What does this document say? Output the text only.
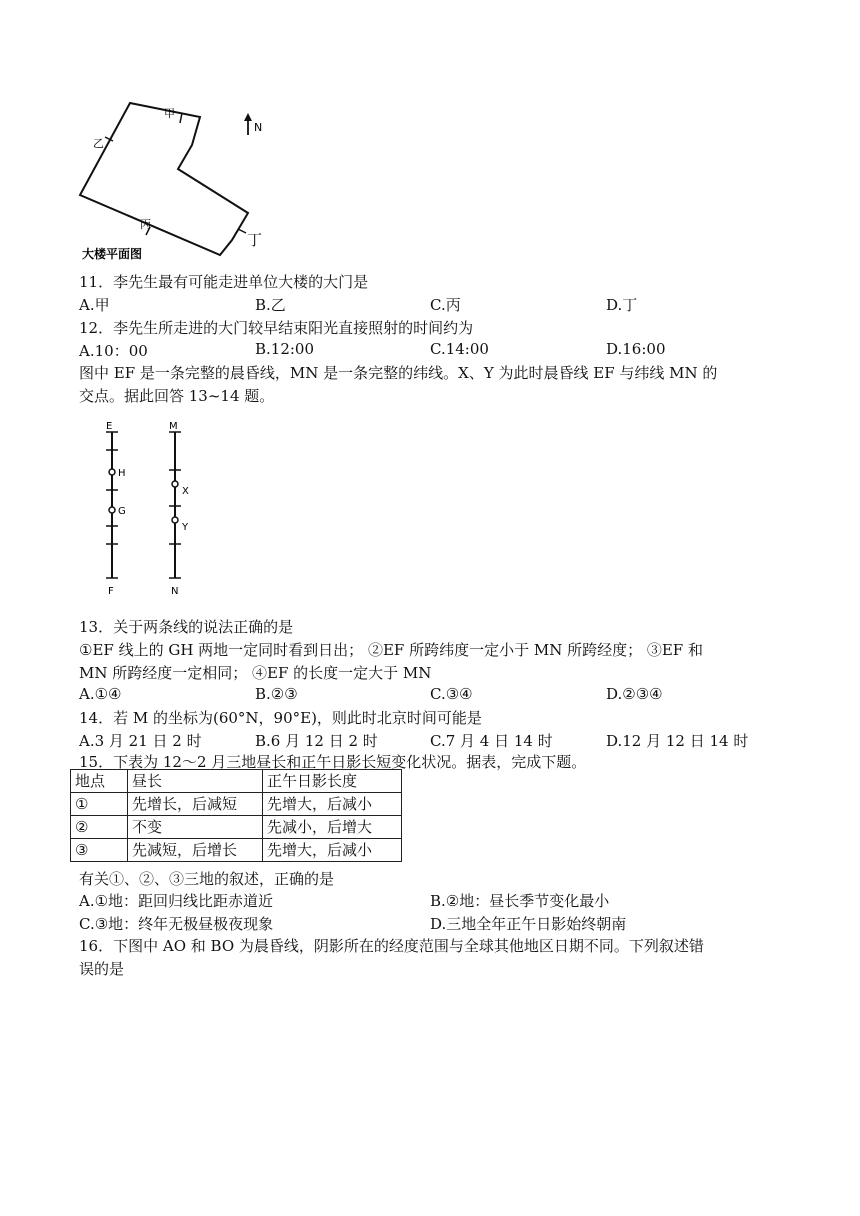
甲
乙
丙
丁
N
大楼平面图
11．李先生最有可能走进单位大楼的大门是
A.甲	B.乙	C.丙	D.丁
12．李先生所走进的大门较早结束阳光直接照射的时间约为
A.10：00	B.12:00	C.14:00	D.16:00
图中 EF 是一条完整的晨昏线，MN 是一条完整的纬线。X、Y 为此时晨昏线 EF 与纬线 MN 的
交点。据此回答 13~14 题。
E
H
G
F
M
X
Y
N
13．关于两条线的说法正确的是
①EF 线上的 GH 两地一定同时看到日出； ②EF 所跨纬度一定小于 MN 所跨经度； ③EF 和
MN 所跨经度一定相同； ④EF 的长度一定大于 MN
A.①④	B.②③	C.③④	D.②③④
14．若 M 的坐标为(60°N，90°E)，则此时北京时间可能是
A.3 月 21 日 2 时	B.6 月 12 日 2 时	C.7 月 4 日 14 时	D.12 月 12 日 14 时
15．下表为 12～2 月三地昼长和正午日影长短变化状况。据表，完成下题。
地点	昼长	正午日影长度
①	先增长，后减短	先增大，后减小
②	不变	先减小，后增大
③	先减短，后增长	先增大，后减小
有关①、②、③三地的叙述，正确的是
A.①地：距回归线比距赤道近	B.②地：昼长季节变化最小
C.③地：终年无极昼极夜现象	D.三地全年正午日影始终朝南
16．下图中 AO 和 BO 为晨昏线，阴影所在的经度范围与全球其他地区日期不同。下列叙述错
误的是
